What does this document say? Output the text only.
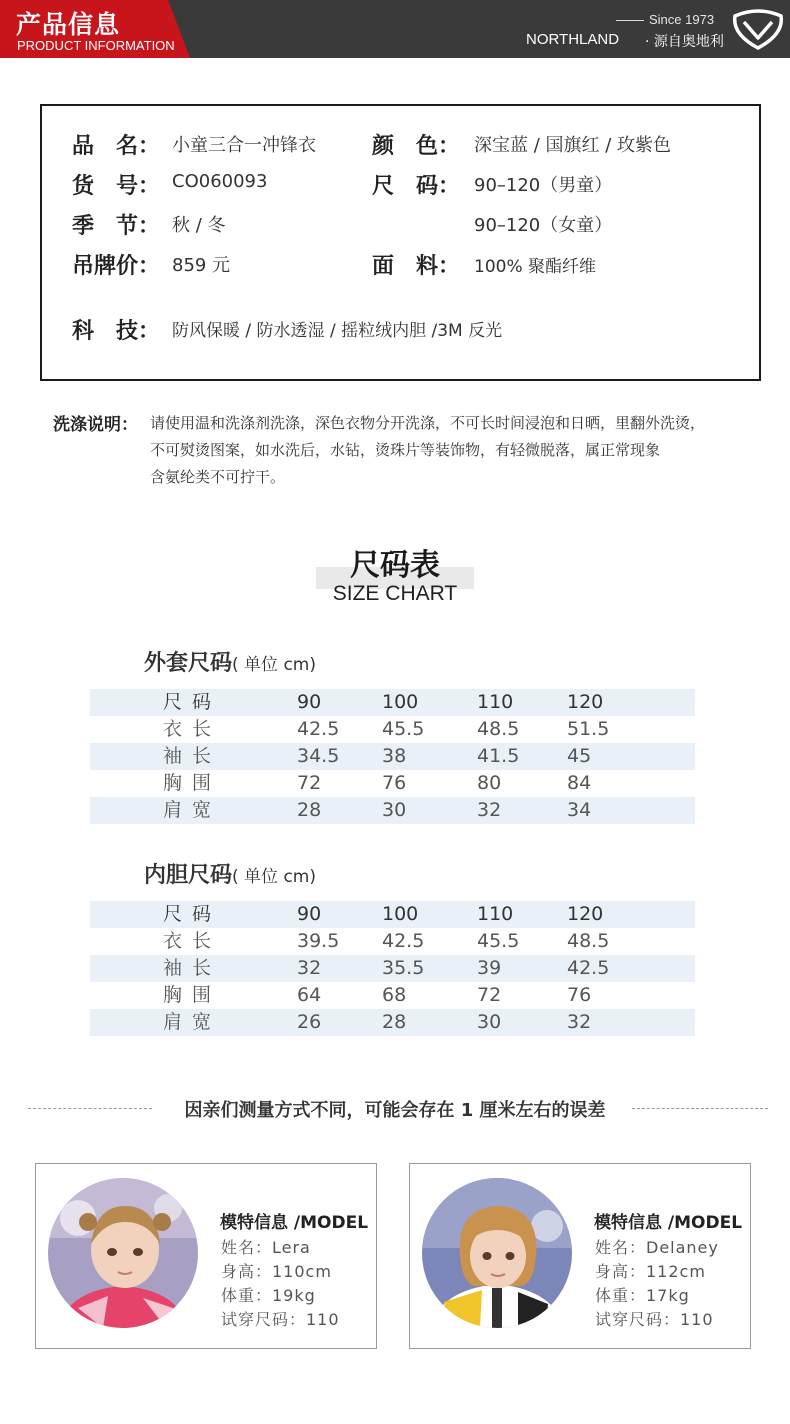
产品信息
PRODUCT INFORMATION
Since 1973
NORTHLAND · 源自奥地利
品　名： 小童三合一冲锋衣	颜　色： 深宝蓝 / 国旗红 / 玫紫色
货　号： CO060093	尺　码： 90–120（男童）
季　节： 秋 / 冬	90–120（女童）
吊牌价： 859 元	面　料： 100% 聚酯纤维
科　技： 防风保暖 / 防水透湿 / 摇粒绒内胆 /3M 反光
洗涤说明： 请使用温和洗涤剂洗涤，深色衣物分开洗涤，不可长时间浸泡和日晒，里翻外洗烫，
不可熨烫图案，如水洗后，水钻，烫珠片等装饰物，有轻微脱落，属正常现象
含氨纶类不可拧干。
尺码表
SIZE CHART
外套尺码( 单位 cm)
尺 码	90	100	110	120
衣 长	42.5 45.5	48.5	51.5
袖 长	34.5 38	41.5	45
胸 围	72	76	80	84
肩 宽	28	30	32	34
内胆尺码( 单位 cm)
尺 码	90	100	110	120
衣 长	39.5 42.5	45.5	48.5
袖 长	32	35.5	39	42.5
胸 围	64	68	72	76
肩 宽	26	28	30	32
因亲们测量方式不同，可能会存在 1 厘米左右的误差
模特信息 /MODEL
姓名：Lera
身高：110cm
体重：19kg
试穿尺码：110
模特信息 /MODEL
姓名：Delaney
身高：112cm
体重：17kg
试穿尺码：110
